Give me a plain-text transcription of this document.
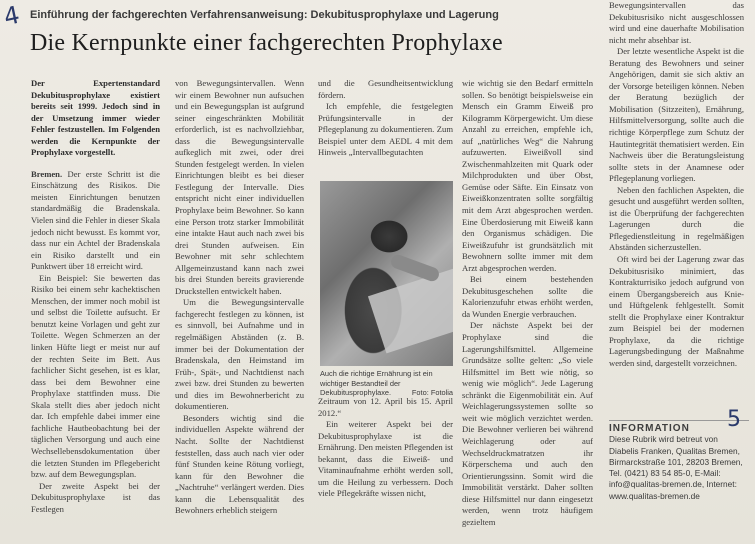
4 Einführung der fachgerechten Verfahrensanweisung: Dekubitusprophylaxe und Lagerung
Die Kernpunkte einer fachgerechten Prophylaxe

Der Expertenstandard Dekubitusprophylaxe existiert bereits seit 1999. Jedoch sind in der Umsetzung immer wieder Fehler festzustellen. Im Folgenden werden die Kernpunkte der Prophylaxe vorgestellt.

Bremen. Der erste Schritt ist die Einschätzung des Risikos. Die meisten Einrichtungen benutzen standardmäßig die Bradenskala. Vielen sind die Fehler in dieser Skala jedoch nicht bewusst. Es kommt vor, dass nur ein Achtel der Bradenskala ein Risiko darstellt und ein Punktwert über 18 erreicht wird.

Ein Beispiel: Sie bewerten das Risiko bei einem sehr kachektischen Menschen, der immer noch mobil ist und selbst die Toilette aufsucht. Er benutzt keine Vorlagen und geht zur Toilette. Wegen Schmerzen an der linken Hüfte liegt er meist nur auf der rechten Seite im Bett. Aus fachlicher Sicht gesehen, ist es klar, dass bei dem Bewohner eine Prophylaxe stattfinden muss. Die Skala stellt dies aber jedoch nicht dar. Ich empfehle dabei immer eine fachliche Hautbeobachtung bei der täglichen Versorgung und auch eine Wechsellebensdokumentation über die letzten Stunden im Pflegebericht bzw. auf dem Bewegungsplan.

Der zweite Aspekt bei der Dekubitusprophylaxe ist das Festlegen

von Bewegungsintervallen. Wenn wir einem Bewohner nun aufsuchen und ein Bewegungsplan ist aufgrund seiner eingeschränkten Mobilität erforderlich, ist es nachvollziehbar, dass die Bewegungsintervalle aufkeglich mit zwei, oder drei Stunden festgelegt werden. In vielen Einrichtungen bleibt es bei dieser Festlegung der Intervalle. Dies entspricht nicht einer individuellen Prophylaxe beim Bewohner. So kann eine Person trotz starker Immobilität eine intakte Haut auch nach zwei bis drei Stunden aufweisen. Ein Bewohner mit sehr schlechtem Allgemeinzustand kann nach zwei bis drei Stunden bereits gravierende Druckstellen entwickelt haben.

Um die Bewegungsintervalle fachgerecht festlegen zu können, ist es sinnvoll, bei Aufnahme und in regelmäßigen Abständen (z. B. immer bei der Dokumentation der Bradenskala, den Heimstand im Früh-, Spät-, und Nachtdienst nach zwei bzw. drei Stunden zu bewerten und dies im Bewohnerbericht zu dokumentieren.

Besonders wichtig sind die individuellen Aspekte während der Nacht. Sollte der Nachtdienst feststellen, dass auch nach vier oder fünf Stunden keine Rötung vorliegt, kann für den Bewohner die „Nachtruhe“ verlängert werden. Dies kann die Lebensqualität des Bewohners erheblich steigern

und die Gesundheitsentwicklung fördern.

Ich empfehle, die festgelegten Prüfungsintervalle in der Pflegeplanung zu dokumentieren. Zum Beispiel unter dem AEDL 4 mit dem Hinweis „Intervallbegutachten

Auch die richtige Ernährung ist ein wichtiger Bestandteil der Dekubitusprophylaxe.	Foto: Fotolia

Zeitraum von 12. April bis 15. April 2012.“

Ein weiterer Aspekt bei der Dekubitusprophylaxe ist die Ernährung. Den meisten Pflegenden ist bekannt, dass die Eiweiß- und Vitaminaufnahme erhöht werden soll, um die Heilung zu verbessern. Doch viele Pflegekräfte wissen nicht,

wie wichtig sie den Bedarf ermitteln sollen. So benötigt beispielsweise ein Mensch ein Gramm Eiweiß pro Kilogramm Körpergewicht. Um diese Anzahl zu erreichen, empfehle ich, auf „natürliches Weg“ die Nahrung aufzuwerten. Eiweißvoll sind Zwischenmahlzeiten mit Quark oder Milchprodukten und über Obst, Gemüse oder Säfte. Ein Einsatz von Eiweißkonzentraten sollte sorgfältig mit dem Arzt abgesprochen werden. Eine Überdosierung mit Eiweiß kann den Organismus schädigen. Die Eiweißzufuhr ist grundsätzlich mit Bewohnern sollte immer mit dem Arzt abgesprochen werden.

Bei einem bestehenden Dekubitusgeschehen sollte die Kalorienzufuhr etwas erhöht werden, da Wunden Energie verbrauchen.

Der nächste Aspekt bei der Prophylaxe sind die Lagerungshilfsmittel. Allgemeine Grundsätze sollte gelten: „So viele Hilfsmittel im Bett wie nötig, so wenig wie möglich“. Jede Lagerung schränkt die Eigenmobilität ein. Auf Weichlagerungssystemen sollte so weit wie möglich verzichtet werden. Die Bewohner verlieren bei während Weichlagerung oder auf Wechseldruckmatratzen ihr Körperschema und auch den Orientierungssinn. Somit wird die Immobilität verstärkt. Daher sollten diese Hilfsmittel nur dann eingesetzt werden, wenn trotz häufigem gezieltem

Bewegungsintervallen das Dekubitusrisiko nicht ausgeschlossen wird und eine dauerhafte Mobilisation nicht mehr absehbar ist.

Der letzte wesentliche Aspekt ist die Beratung des Bewohners und seiner Angehörigen, damit sie sich aktiv an der Vorsorge beteiligen können. Neben der Beratung bezüglich der Mobilisation (Sitzzeiten), Ernährung, Hilfsmittelversorgung, sollte auch die richtige Körperpflege zum Schutz der Hautintegrität thematisiert werden. Ein Nachweis über die Beratungsleistung sollte stets in der Anamnese oder Pflegeplanung vorliegen.

Neben den fachlichen Aspekten, die gesucht und ausgeführt werden sollten, ist die Überprüfung der fachgerechten Lagerungen durch die Pflegedienstleitung in regelmäßigen Abständen sicherzustellen.

Oft wird bei der Lagerung zwar das Dekubitusrisiko minimiert, das Kontrakturrisiko jedoch aufgrund von einem Übergangsbereich aus Knie- und Hüftgelenk fehlgestellt. Somit stellt die Prophylaxe einer Kontraktur zum Beispiel bei der modernen Prophylaxe, da die richtige Lagerungsbedingung der Maßnahme werden sind, dargestellt vorzeichnen.

5
INFORMATION
Diese Rubrik wird betreut von Diabelis Franken, Qualitas Bremen, Birmarckstraße 101, 28203 Bremen, Tel. (0421) 83 54 85-0, E-Mail: info@qualitas-bremen.de, Internet: www.qualitas-bremen.de
